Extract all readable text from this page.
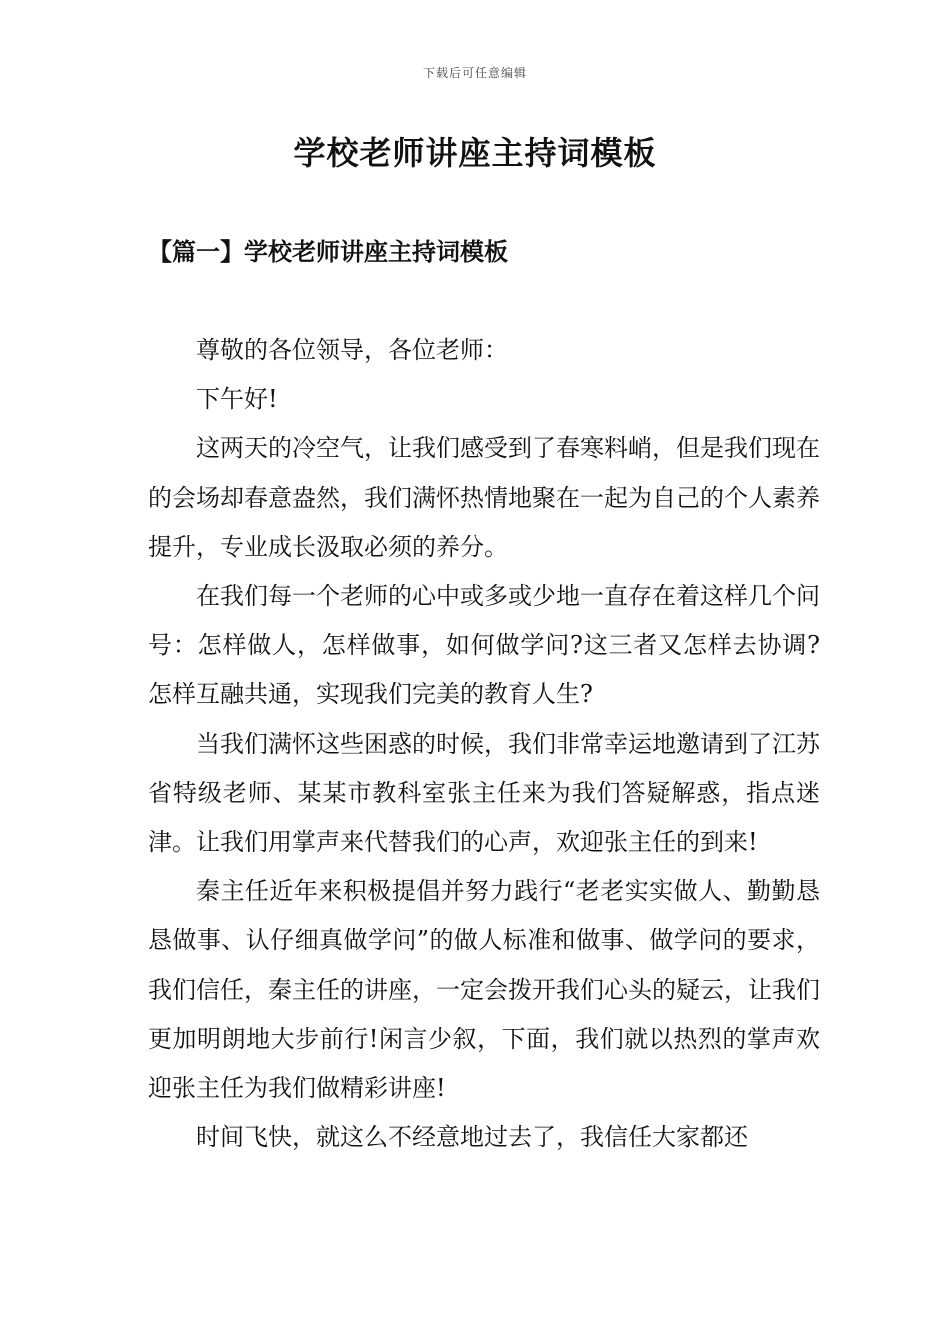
下载后可任意编辑
学校老师讲座主持词模板
【篇一】学校老师讲座主持词模板

尊敬的各位领导，各位老师：

下午好!

这两天的冷空气，让我们感受到了春寒料峭，但是我们现在的会场却春意盎然，我们满怀热情地聚在一起为自己的个人素养提升，专业成长汲取必须的养分。

在我们每一个老师的心中或多或少地一直存在着这样几个问号：怎样做人，怎样做事，如何做学问?这三者又怎样去协调?怎样互融共通，实现我们完美的教育人生?

当我们满怀这些困惑的时候，我们非常幸运地邀请到了江苏省特级老师、某某市教科室张主任来为我们答疑解惑，指点迷津。让我们用掌声来代替我们的心声，欢迎张主任的到来!

秦主任近年来积极提倡并努力践行“老老实实做人、勤勤恳恳做事、认仔细真做学问”的做人标准和做事、做学问的要求，我们信任，秦主任的讲座，一定会拨开我们心头的疑云，让我们更加明朗地大步前行!闲言少叙，下面，我们就以热烈的掌声欢迎张主任为我们做精彩讲座!

时间飞快，就这么不经意地过去了，我信任大家都还
